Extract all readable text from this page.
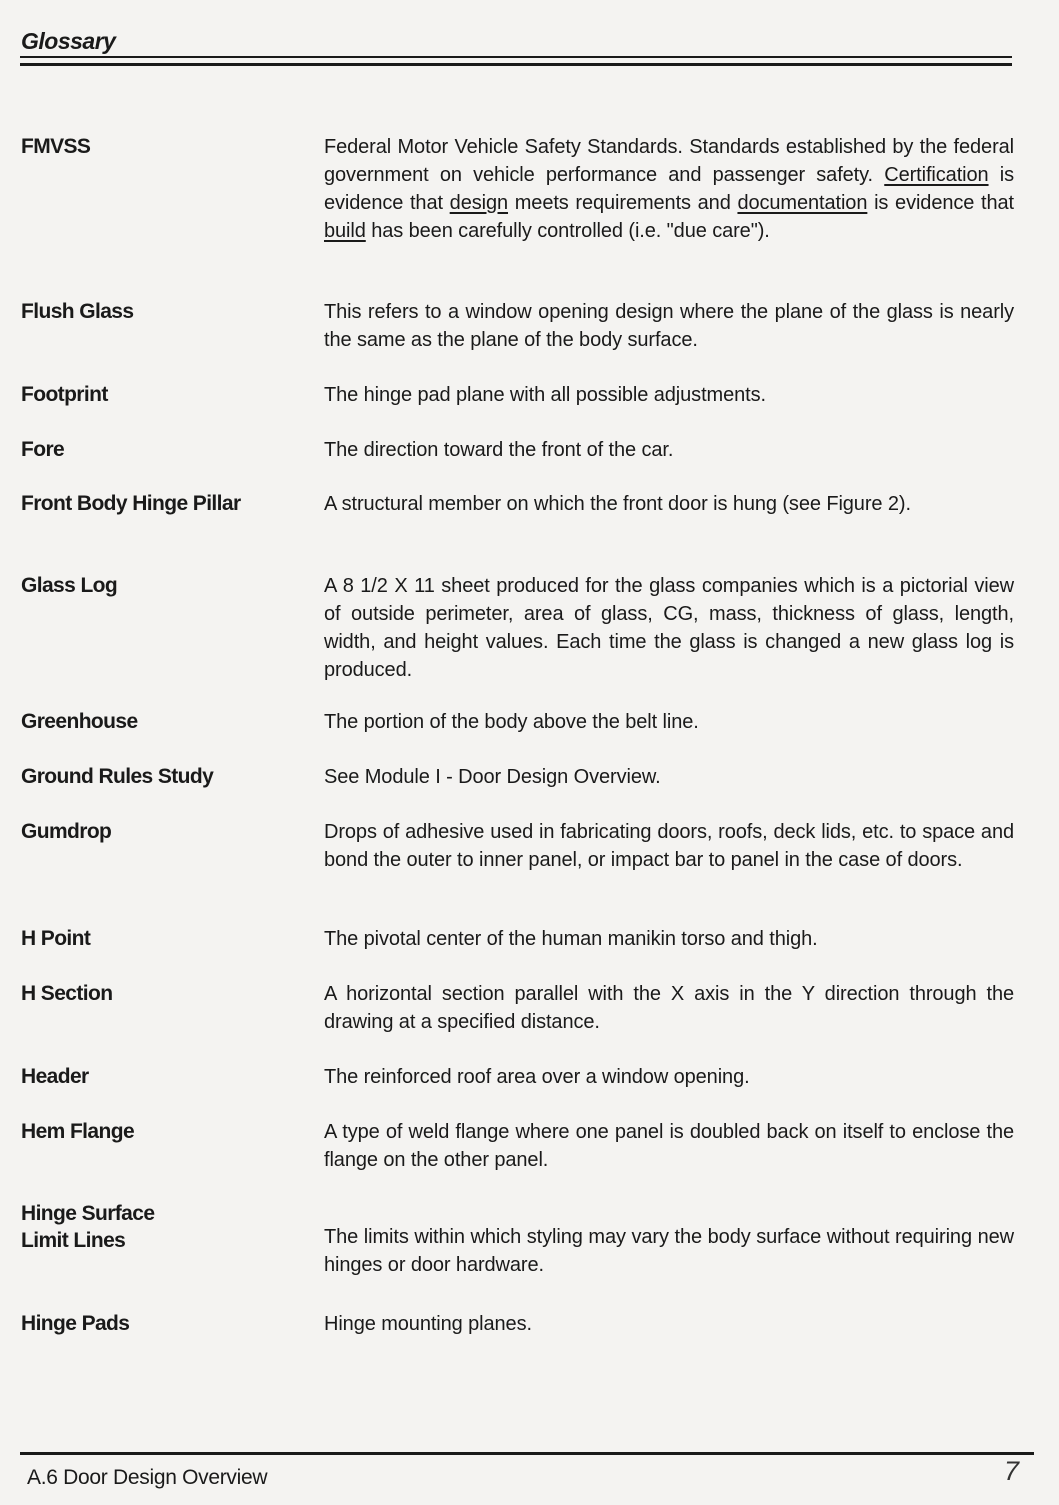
Glossary
FMVSS	Federal Motor Vehicle Safety Standards. Standards established by the federal government on vehicle performance and passenger safety. Certification is evidence that design meets requirements and documentation is evidence that build has been carefully controlled (i.e. "due care").
Flush Glass	This refers to a window opening design where the plane of the glass is nearly the same as the plane of the body surface.
Footprint	The hinge pad plane with all possible adjustments.
Fore	The direction toward the front of the car.
Front Body Hinge Pillar	A structural member on which the front door is hung (see Figure 2).
Glass Log	A 8 1/2 X 11 sheet produced for the glass companies which is a pictorial view of outside perimeter, area of glass, CG, mass, thickness of glass, length, width, and height values. Each time the glass is changed a new glass log is produced.
Greenhouse	The portion of the body above the belt line.
Ground Rules Study	See Module I - Door Design Overview.
Gumdrop	Drops of adhesive used in fabricating doors, roofs, deck lids, etc. to space and bond the outer to inner panel, or impact bar to panel in the case of doors.
H Point	The pivotal center of the human manikin torso and thigh.
H Section	A horizontal section parallel with the X axis in the Y direction through the drawing at a specified distance.
Header	The reinforced roof area over a window opening.
Hem Flange	A type of weld flange where one panel is doubled back on itself to enclose the flange on the other panel.
Hinge Surface
Limit Lines	The limits within which styling may vary the body surface without requiring new hinges or door hardware.
Hinge Pads	Hinge mounting planes.
A.6 Door Design Overview	7
